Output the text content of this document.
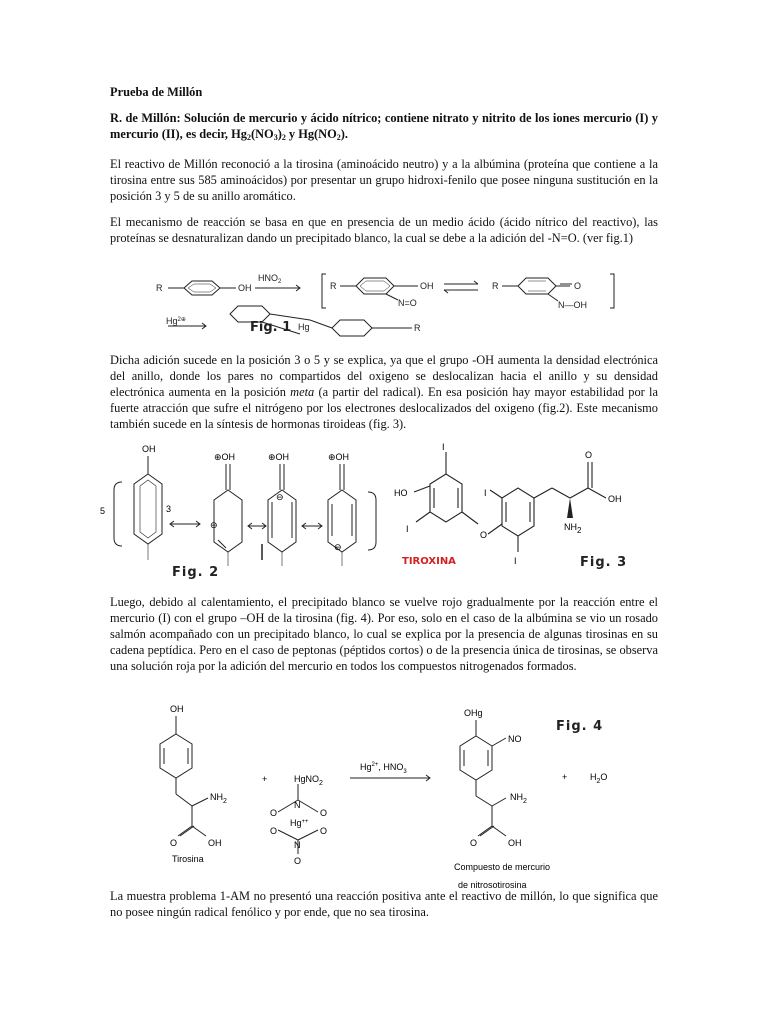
Prueba de Millón

R. de Millón: Solución de mercurio y ácido nítrico; contiene nitrato y nitrito de los iones mercurio (I) y mercurio (II), es decir, $Hg_2(NO_3)_2$ y $Hg(NO_2)$.

El reactivo de Millón reconoció a la tirosina (aminoácido neutro) y a la albúmina (proteína que contiene a la tirosina entre sus 585 aminoácidos) por presentar un grupo hidroxi-fenilo que posee ninguna sustitución en la posición 3 y 5 de su anillo aromático.

El mecanismo de reacción se basa en que en presencia de un medio ácido (ácido nítrico del reactivo), las proteínas se desnaturalizan dando un precipitado blanco, la cual se debe a la adición del -N=O. (ver fig.1)

R	OH
$HNO_2$	R	OH
N=O
R	O
N—OH
$Hg^{2\oplus}$
Hg	R
Fig. 1

Dicha adición sucede en la posición 3 o 5 y se explica, ya que el grupo -OH aumenta la densidad electrónica del anillo, donde los pares no compartidos del oxigeno se deslocalizan hacia el anillo y su densidad electrónica aumenta en la posición meta (a partir del radical). En esa posición hay mayor estabilidad por la fuerte atracción que sufre el nitrógeno por los electrones deslocalizados del oxigeno (fig.2). Este mecanismo también sucede en la síntesis de hormonas tiroideas (fig. 3).

OH
⊕OH	⊕OH	⊕OH
⊖
⊖
⊖
5	3
Fig. 2
I
HO
I
O
I
I
O
OH
NH2
TIROXINA	Fig. 3

Luego, debido al calentamiento, el precipitado blanco se vuelve rojo gradualmente por la reacción entre el mercurio (I) con el grupo –OH de la tirosina (fig. 4). Por eso, solo en el caso de la albúmina se vio un rosado salmón acompañado con un precipitado blanco, lo cual se explica por la presencia de algunas tirosinas en su cadena peptídica. Pero en el caso de peptonas (péptidos cortos) o de la presencia única de tirosinas, se observa una solución roja por la adición del mercurio en todos los compuestos nitrogenados formados.

OH
$NH_2$
O	OH
Tirosina
+	HgNO$_2$
N
O	O
Hg++
O	O
N
O
$Hg^{2+}$, $HNO_3$
OHg
NO
$NH_2$
O	OH
Compuesto de mercurio
de nitrosotirosina
+	$H_2O$
Fig. 4

La muestra problema 1-AM no presentó una reacción positiva ante el reactivo de millón, lo que significa que no posee ningún radical fenólico y por ende, que no sea tirosina.
